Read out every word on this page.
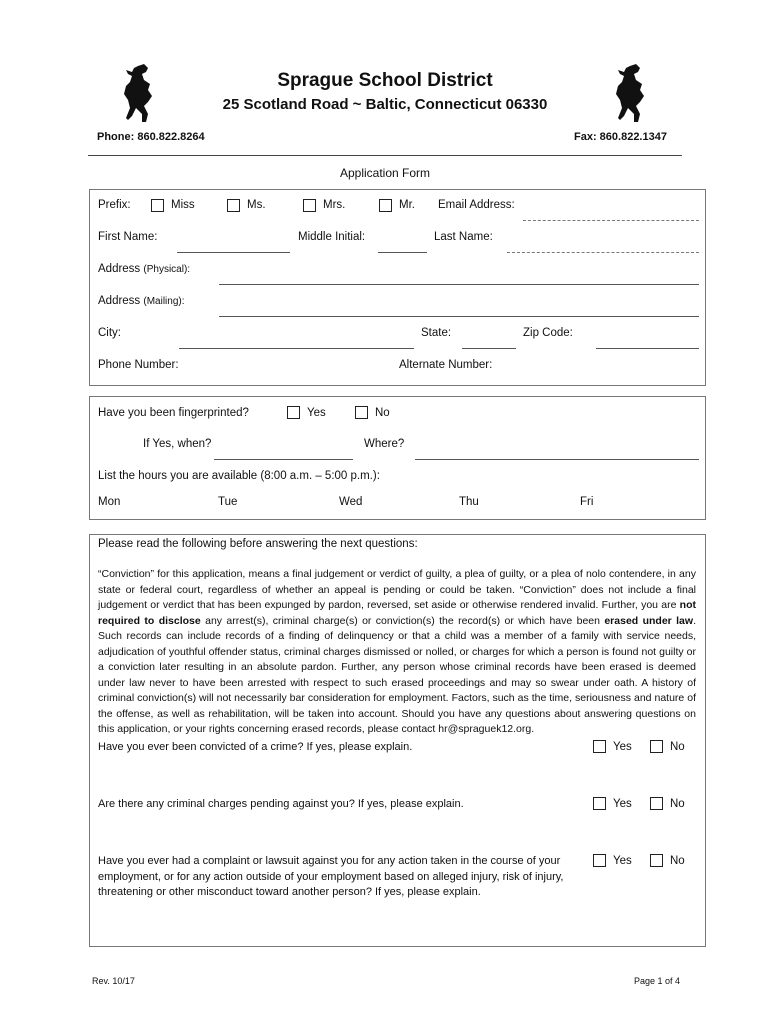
Sprague School District
25 Scotland Road ~ Baltic, Connecticut 06330
Phone: 860.822.8264	Fax: 860.822.1347
Application Form
Prefix:	Miss	Ms.	Mrs.	Mr. Email Address:
First Name:	Middle Initial:	Last Name:
Address (Physical):
Address (Mailing):
City:	State:	Zip Code:
Phone Number:	Alternate Number:
Have you been fingerprinted?	Yes	No
If Yes, when?	Where?
List the hours you are available (8:00 a.m. – 5:00 p.m.):
Mon	Tue	Wed	Thu	Fri
Please read the following before answering the next questions:
“Conviction” for this application, means a final judgement or verdict of guilty, a plea of guilty, or a plea of nolo contendere, in any state or federal court, regardless of whether an appeal is pending or could be taken. “Conviction” does not include a final judgement or verdict that has been expunged by pardon, reversed, set aside or otherwise rendered invalid. Further, you are not required to disclose any arrest(s), criminal charge(s) or conviction(s) the record(s) or which have been erased under law. Such records can include records of a finding of delinquency or that a child was a member of a family with service needs, adjudication of youthful offender status, criminal charges dismissed or nolled, or charges for which a person is found not guilty or a conviction later resulting in an absolute pardon. Further, any person whose criminal records have been erased is deemed under law never to have been arrested with respect to such erased proceedings and may so swear under oath. A history of criminal conviction(s) will not necessarily bar consideration for employment. Factors, such as the time, seriousness and nature of the offense, as well as rehabilitation, will be taken into account. Should you have any questions about answering questions on this application, or your rights concerning erased records, please contact hr@spraguek12.org.
Have you ever been convicted of a crime? If yes, please explain.	Yes	No
Are there any criminal charges pending against you? If yes, please explain.	Yes	No
Have you ever had a complaint or lawsuit against you for any action taken in the course of your employment, or for any action outside of your employment based on alleged injury, risk of injury, threatening or other misconduct toward another person? If yes, please explain.
Yes	No
Rev. 10/17	Page 1 of 4
